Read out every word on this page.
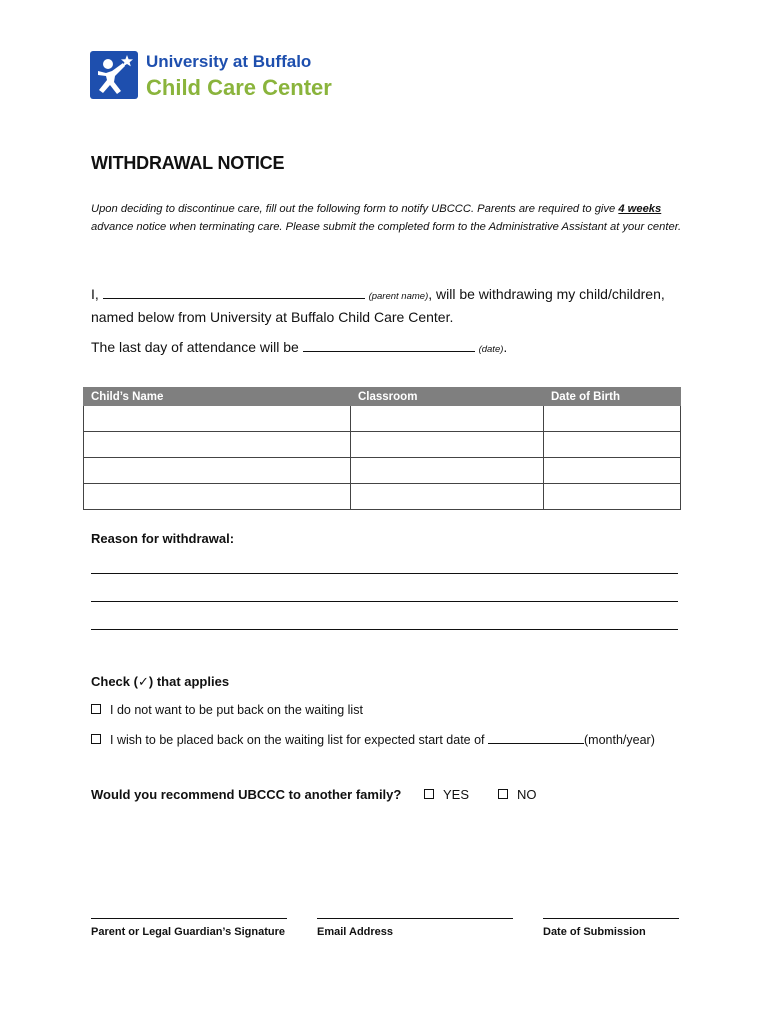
University at Buffalo
Child Care Center
WITHDRAWAL NOTICE
Upon deciding to discontinue care, fill out the following form to notify UBCCC. Parents are required to give 4 weeks advance notice when terminating care. Please submit the completed form to the Administrative Assistant at your center.
I,	(parent name), will be withdrawing my child/children,
named below from University at Buffalo Child Care Center.
The last day of attendance will be	(date).
Child’s Name	Classroom	Date of Birth

Reason for withdrawal:
Check (✓) that applies
I do not want to be put back on the waiting list
I wish to be placed back on the waiting list for expected start date of	(month/year)
Would you recommend UBCCC to another family?	YES	NO
Parent or Legal Guardian’s Signature	Email Address	Date of Submission
